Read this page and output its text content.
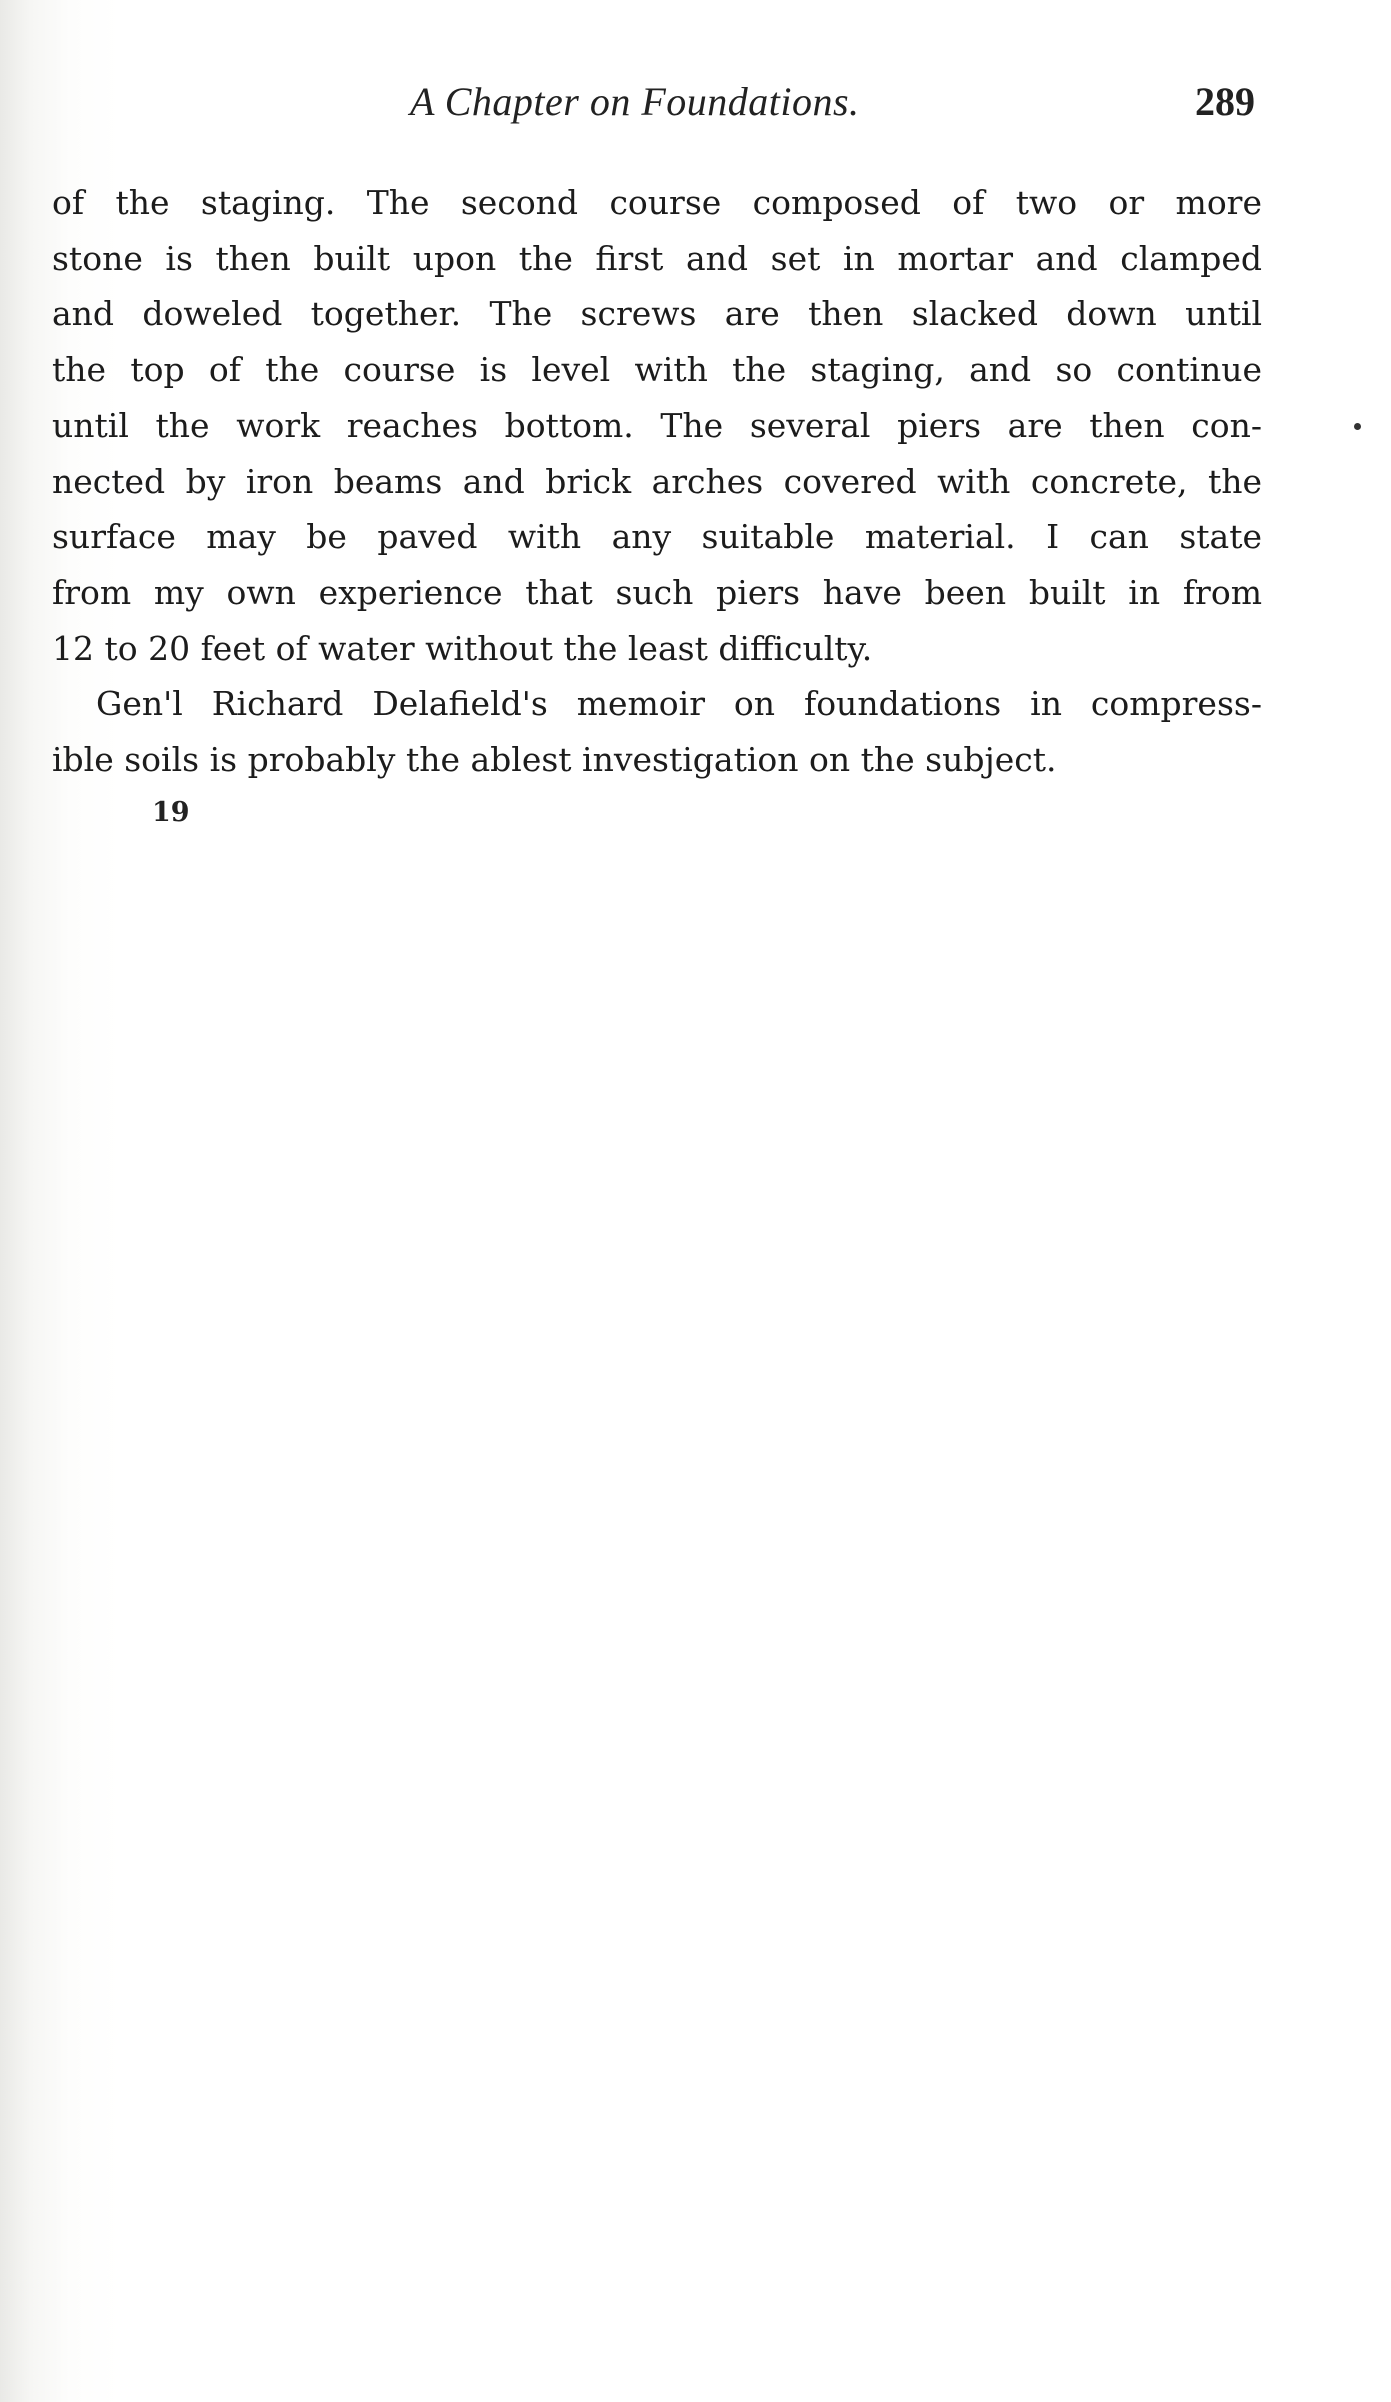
A Chapter on Foundations.	289
of the staging. The second course composed of two or more
stone is then built upon the first and set in mortar and clamped
and doweled together. The screws are then slacked down until
the top of the course is level with the staging, and so continue
until the work reaches bottom. The several piers are then con-
nected by iron beams and brick arches covered with concrete, the
surface may be paved with any suitable material. I can state
from my own experience that such piers have been built in from
12 to 20 feet of water without the least difficulty.
Gen'l Richard Delafield's memoir on foundations in compress-
ible soils is probably the ablest investigation on the subject.
19
